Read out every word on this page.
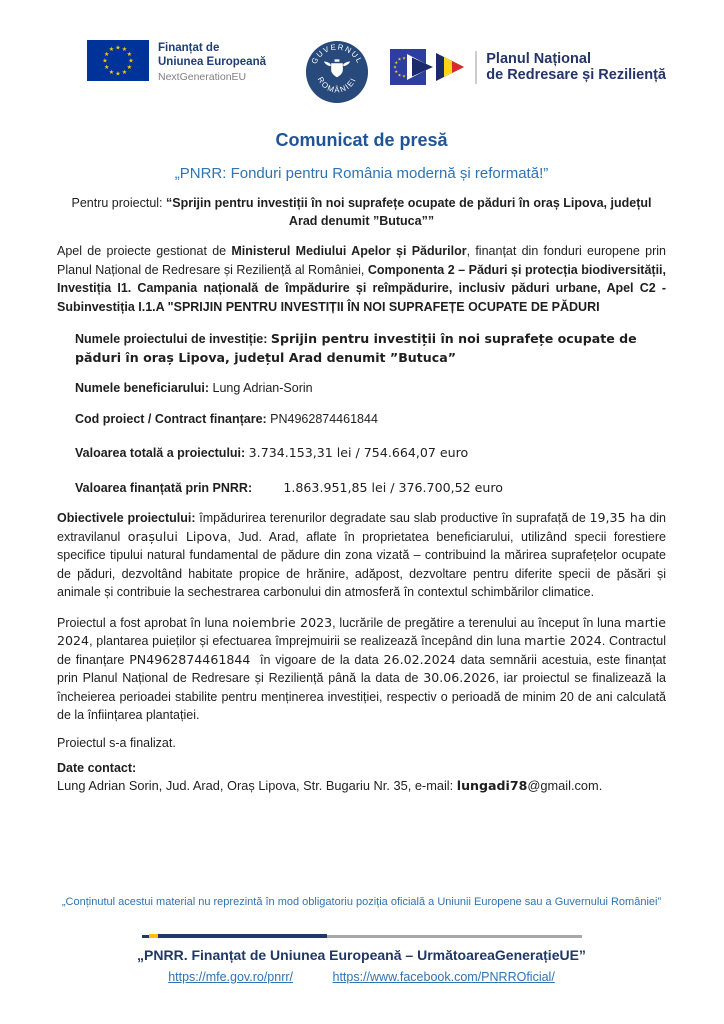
★ ★
★
★
★
★
★
★
★
★
★
★	Finanțat de
Uniunea Europeană
NextGenerationEU
GUVERNUL
ROMÂNIEI
★
★
★
★
★
★
★	Planul Național
de Redresare și Reziliență
Comunicat de presă
„PNRR: Fonduri pentru România modernă și reformată!”
Pentru proiectul: “Sprijin pentru investiții în noi suprafețe ocupate de păduri în oraș Lipova, județul Arad denumit ”Butuca””
Apel de proiecte gestionat de Ministerul Mediului Apelor și Pădurilor, finanțat din fonduri europene prin Planul Național de Redresare și Reziliență al României, Componenta 2 – Păduri și protecția biodiversității, Investiția I1. Campania națională de împădurire și reîmpădurire, inclusiv păduri urbane, Apel C2 - Subinvestiția I.1.A "SPRIJIN PENTRU INVESTIȚII ÎN NOI SUPRAFEȚE OCUPATE DE PĂDURI
Numele proiectului de investiție: Sprijin pentru investiții în noi suprafețe ocupate de păduri în oraș Lipova, județul Arad denumit ”Butuca”
Numele beneficiarului: Lung Adrian-Sorin
Cod proiect / Contract finanțare: PN4962874461844
Valoarea totală a proiectului: 3.734.153,31 lei / 754.664,07 euro
Valoarea finanțată prin PNRR: 1.863.951,85 lei / 376.700,52 euro
Obiectivele proiectului: împădurirea terenurilor degradate sau slab productive în suprafață de 19,35 ha din extravilanul orașului Lipova, Jud. Arad, aflate în proprietatea beneficiarului, utilizând specii forestiere specifice tipului natural fundamental de pădure din zona vizată – contribuind la mărirea suprafețelor ocupate de păduri, dezvoltând habitate propice de hrănire, adăpost, dezvoltare pentru diferite specii de păsări și animale și contribuie la sechestrarea carbonului din atmosferă în contextul schimbărilor climatice.
Proiectul a fost aprobat în luna noiembrie 2023, lucrările de pregătire a terenului au început în luna martie 2024, plantarea puieților și efectuarea împrejmuirii se realizează începând din luna martie 2024. Contractul de finanțare PN4962874461844  în vigoare de la data 26.02.2024 data semnării acestuia, este finanțat prin Planul Național de Redresare și Reziliență până la data de 30.06.2026, iar proiectul se finalizează la încheierea perioadei stabilite pentru menținerea investiției, respectiv o perioadă de minim 20 de ani calculată de la înființarea plantației.
Proiectul s-a finalizat.
Date contact:
Lung Adrian Sorin, Jud. Arad, Oraș Lipova, Str. Bugariu Nr. 35, e-mail: lungadi78@gmail.com.
„Conținutul acestui material nu reprezintă în mod obligatoriu poziția oficială a Uniunii Europene sau a Guvernului României”
„PNRR. Finanțat de Uniunea Europeană – UrmătoareaGenerațieUE”
https://mfe.gov.ro/pnrr/	https://www.facebook.com/PNRROficial/
